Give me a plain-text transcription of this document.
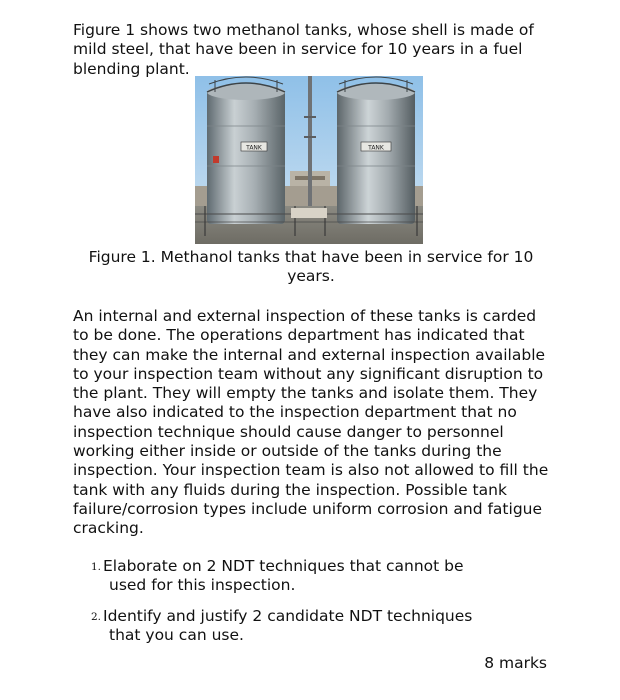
Figure 1 shows two methanol tanks, whose shell is made of mild steel, that have been in service for 10 years in a fuel blending plant.

TANK	TANK

Figure 1. Methanol tanks that have been in service for 10 years.

An internal and external inspection of these tanks is carded to be done. The operations department has indicated that they can make the internal and external inspection available to your inspection team without any significant disruption to the plant. They will empty the tanks and isolate them. They have also indicated to the inspection department that no inspection technique should cause danger to personnel working either inside or outside of the tanks during the inspection. Your inspection team is also not allowed to fill the tank with any fluids during the inspection. Possible tank failure/corrosion types include uniform corrosion and fatigue cracking.

1. Elaborate on 2 NDT techniques that cannot be
used for this inspection.
2. Identify and justify 2 candidate NDT techniques
that you can use.
8 marks
